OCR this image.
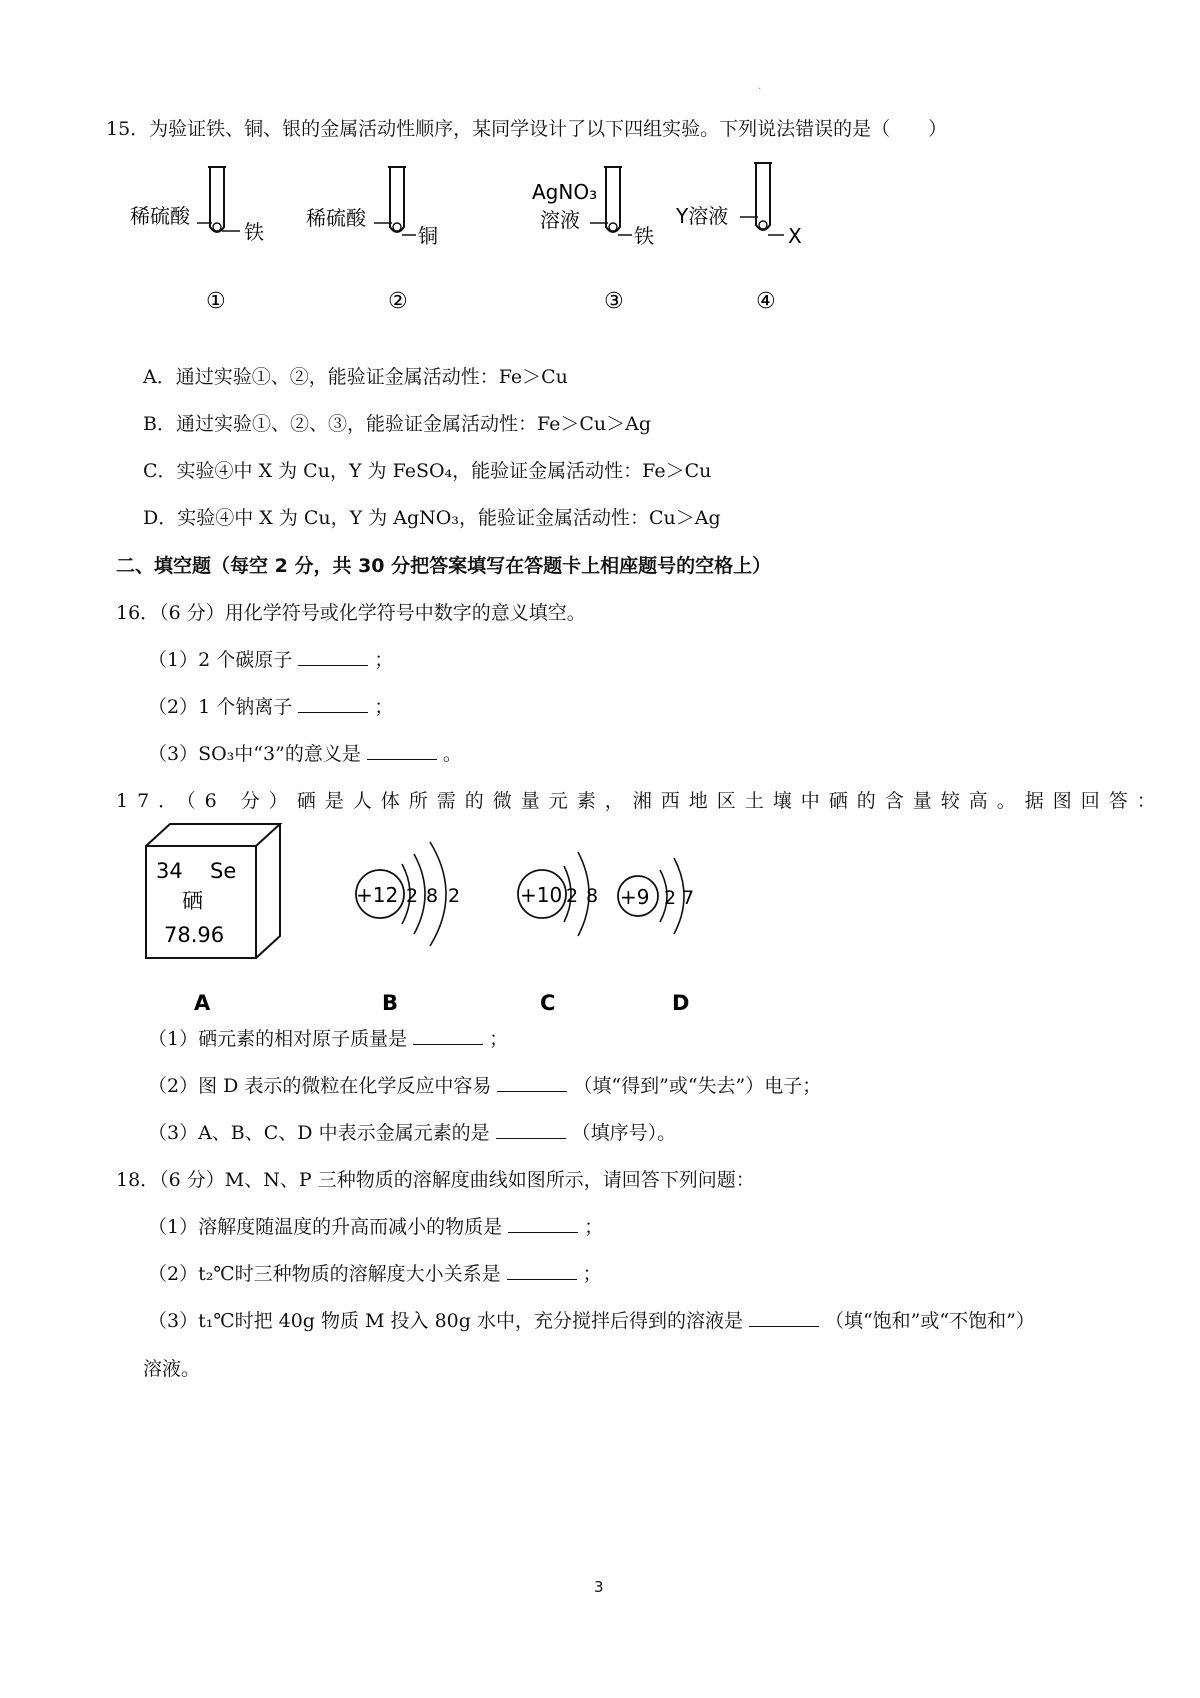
·
15．为验证铁、铜、银的金属活动性顺序，某同学设计了以下四组实验。下列说法错误的是（　　）
稀硫酸
铁
①
稀硫酸
铜
②
AgNO₃
溶液
铁
③
Y溶液
X
④
A．通过实验①、②，能验证金属活动性：Fe＞Cu
B．通过实验①、②、③，能验证金属活动性：Fe＞Cu＞Ag
C．实验④中 X 为 Cu，Y 为 FeSO₄，能验证金属活动性：Fe＞Cu
D．实验④中 X 为 Cu，Y 为 AgNO₃，能验证金属活动性：Cu＞Ag
二、填空题（每空 2 分，共 30 分把答案填写在答题卡上相座题号的空格上）
16．（6 分）用化学符号或化学符号中数字的意义填空。
（1）2 个碳原子	；
（2）1 个钠离子	；
（3）SO₃中“3”的意义是	。
17．（6 分）硒是人体所需的微量元素，湘西地区土壤中硒的含量较高。据图回答：
34 Se
硒
78.96
+12 2 8 2	+10 2 8 +9 2 7
A	B	C	D
（1）硒元素的相对原子质量是	；
（2）图 D 表示的微粒在化学反应中容易	（填“得到”或“失去”）电子；
（3）A、B、C、D 中表示金属元素的是	（填序号）。
18．（6 分）M、N、P 三种物质的溶解度曲线如图所示，请回答下列问题：
（1）溶解度随温度的升高而减小的物质是	；
（2）t₂℃时三种物质的溶解度大小关系是	；
（3）t₁℃时把 40g 物质 M 投入 80g 水中，充分搅拌后得到的溶液是	（填“饱和”或“不饱和”）
溶液。
3
